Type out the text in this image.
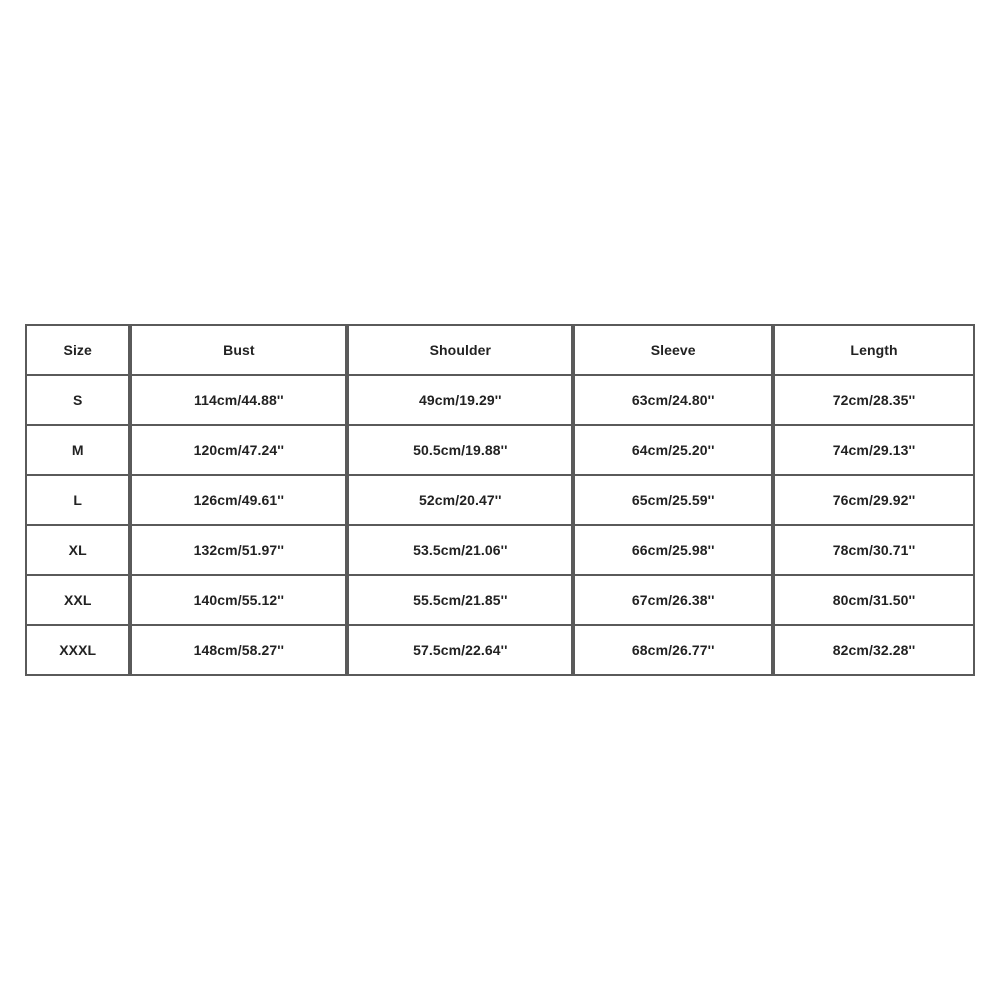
Size	Bust	Shoulder	Sleeve	Length
S	114cm/44.88''	49cm/19.29''	63cm/24.80''	72cm/28.35''
M	120cm/47.24''	50.5cm/19.88''	64cm/25.20''	74cm/29.13''
L	126cm/49.61''	52cm/20.47''	65cm/25.59''	76cm/29.92''
XL	132cm/51.97''	53.5cm/21.06''	66cm/25.98''	78cm/30.71''
XXL	140cm/55.12''	55.5cm/21.85''	67cm/26.38''	80cm/31.50''
XXXL	148cm/58.27''	57.5cm/22.64''	68cm/26.77''	82cm/32.28''
